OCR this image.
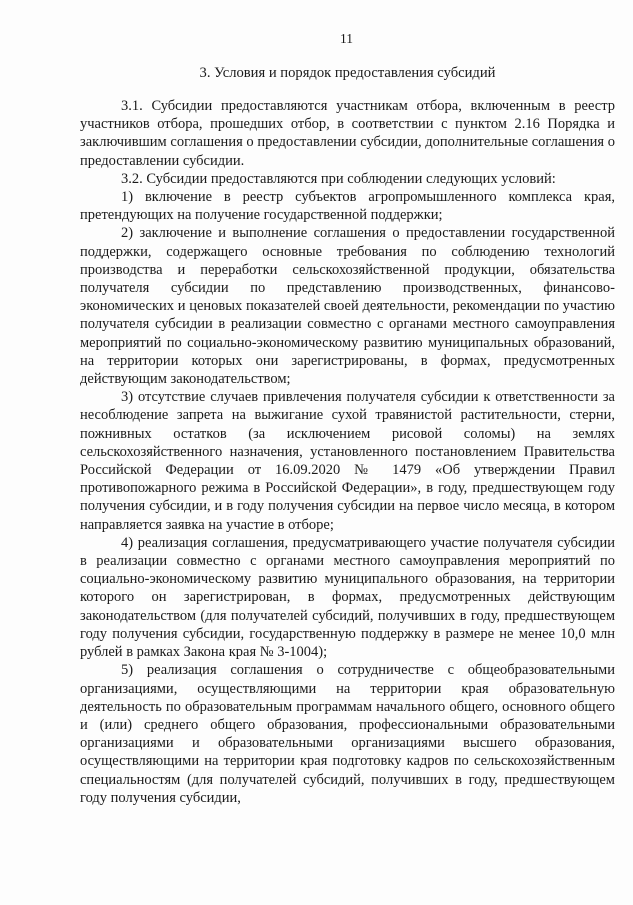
11
3. Условия и порядок предоставления субсидий

3.1. Субсидии предоставляются участникам отбора, включенным в реестр участников отбора, прошедших отбор, в соответствии с пунктом 2.16 Порядка и заключившим соглашения о предоставлении субсидии, дополнительные соглашения о предоставлении субсидии.

3.2. Субсидии предоставляются при соблюдении следующих условий:

1) включение в реестр субъектов агропромышленного комплекса края, претендующих на получение государственной поддержки;

2) заключение и выполнение соглашения о предоставлении государственной поддержки, содержащего основные требования по соблюдению технологий производства и переработки сельскохозяйственной продукции, обязательства получателя субсидии по представлению производственных, финансово-экономических и ценовых показателей своей деятельности, рекомендации по участию получателя субсидии в реализации совместно с органами местного самоуправления мероприятий по социально-экономическому развитию муниципальных образований, на территории которых они зарегистрированы, в формах, предусмотренных действующим законодательством;

3) отсутствие случаев привлечения получателя субсидии к ответственности за несоблюдение запрета на выжигание сухой травянистой растительности, стерни, пожнивных остатков (за исключением рисовой соломы) на землях сельскохозяйственного назначения, установленного постановлением Правительства Российской Федерации от 16.09.2020 № 1479 «Об утверждении Правил противопожарного режима в Российской Федерации», в году, предшествующем году получения субсидии, и в году получения субсидии на первое число месяца, в котором направляется заявка на участие в отборе;

4) реализация соглашения, предусматривающего участие получателя субсидии в реализации совместно с органами местного самоуправления мероприятий по социально-экономическому развитию муниципального образования, на территории которого он зарегистрирован, в формах, предусмотренных действующим законодательством (для получателей субсидий, получивших в году, предшествующем году получения субсидии, государственную поддержку в размере не менее 10,0 млн рублей в рамках Закона края № 3-1004);

5) реализация соглашения о сотрудничестве с общеобразовательными организациями, осуществляющими на территории края образовательную деятельность по образовательным программам начального общего, основного общего и (или) среднего общего образования, профессиональными образовательными организациями и образовательными организациями высшего образования, осуществляющими на территории края подготовку кадров по сельскохозяйственным специальностям (для получателей субсидий, получивших в году, предшествующем году получения субсидии,
